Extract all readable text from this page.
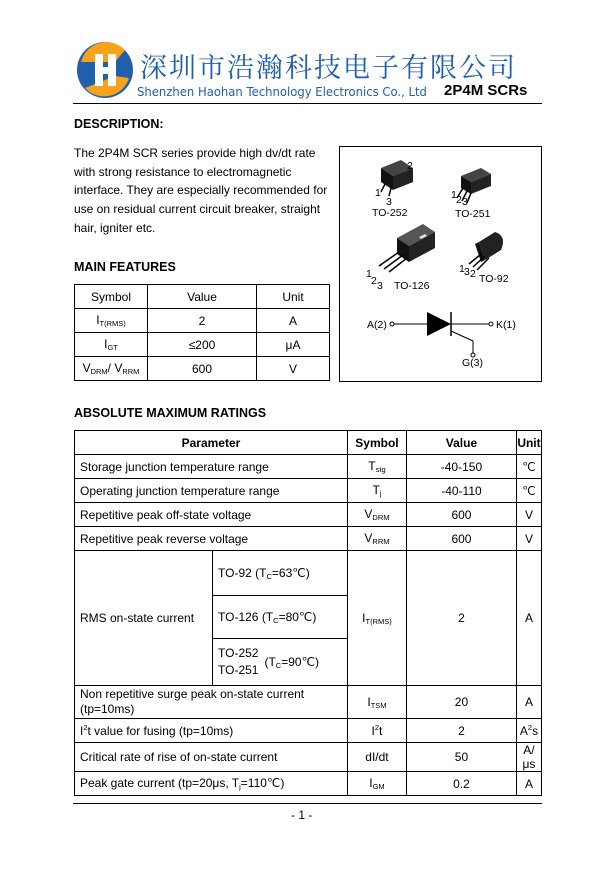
深圳市浩瀚科技电子有限公司
Shenzhen Haohan Technology Electronics Co., Ltd 2P4M SCRs
DESCRIPTION:
The 2P4M SCR series provide high dv/dt rate with strong resistance to electromagnetic interface. They are especially recommended for use on residual current circuit breaker, straight hair, igniter etc.
1
2
3
TO-252
1 2 3
TO-251
1
2 3 TO-126
1 3 2 TO-92
A(2)	K(1)
G(3)
MAIN FEATURES
Symbol	Value	Unit
$I_{T(RMS)}$	2	A
$I_{GT}$	≤200	μA
$V_{DRM}/$ $V_{RRM}$	600	V
ABSOLUTE MAXIMUM RATINGS
Parameter		Symbol	Value	Unit
Storage junction temperature range		$T_{stg}$	-40-150	℃
Operating junction temperature range		$T_j$	-40-110	℃
Repetitive peak off-state voltage		$V_{DRM}$	600	V
Repetitive peak reverse voltage		$V_{RRM}$	600	V
RMS on-state current	TO-92 $(T_C=63℃)$	$I_{T(RMS)}$	2	A
	TO-126 $(T_C=80℃)$			

	TO-252
TO-251
$(T_C=90℃)$			

Non repetitive surge peak on-state current (tp=10ms)		$I_{TSM}$	20	A
$I^2t$ value for fusing (tp=10ms)		$I^2t$	2	$A^2s$
Critical rate of rise of on-state current		dI/dt	50	A/μs
Peak gate current (tp=20μs, $T_j=110℃$)		$I_{GM}$	0.2	A
- 1 -
